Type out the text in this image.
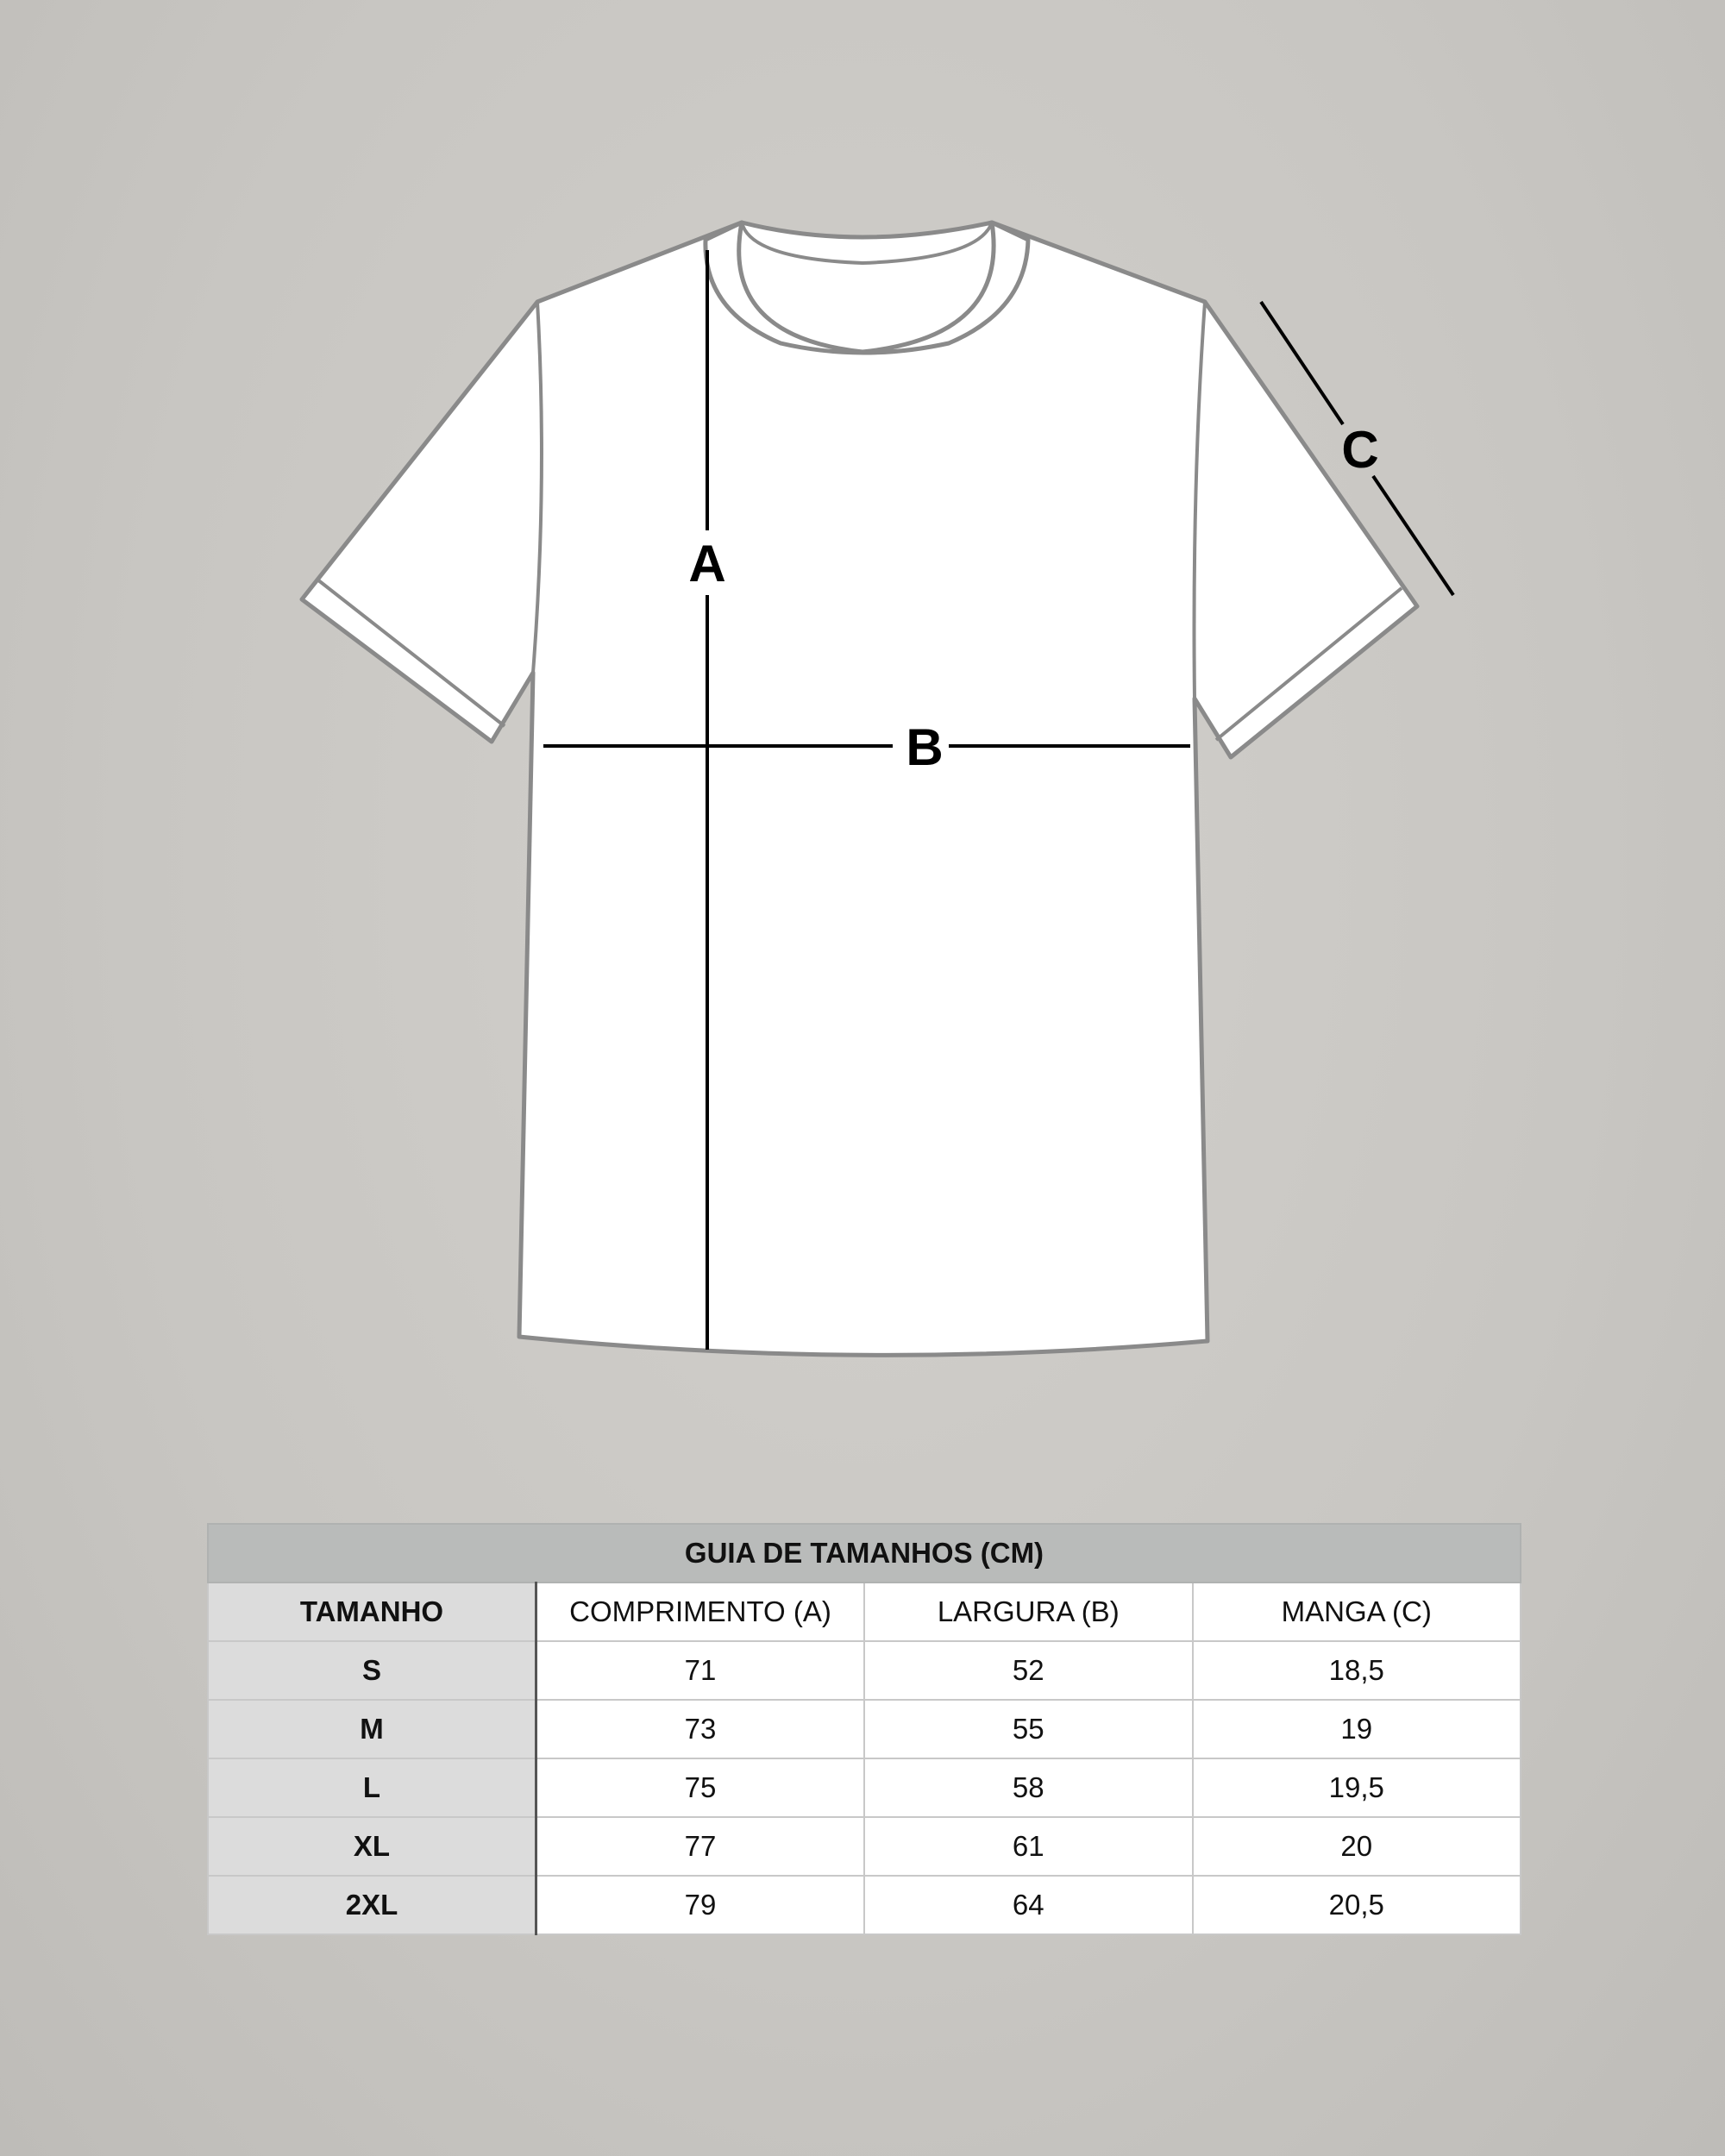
A
B
C
GUIA DE TAMANHOS (CM)			
TAMANHO	COMPRIMENTO (A)	LARGURA (B)	MANGA (C)
S	71	52	18,5
M	73	55	19
L	75	58	19,5
XL	77	61	20
2XL	79	64	20,5
